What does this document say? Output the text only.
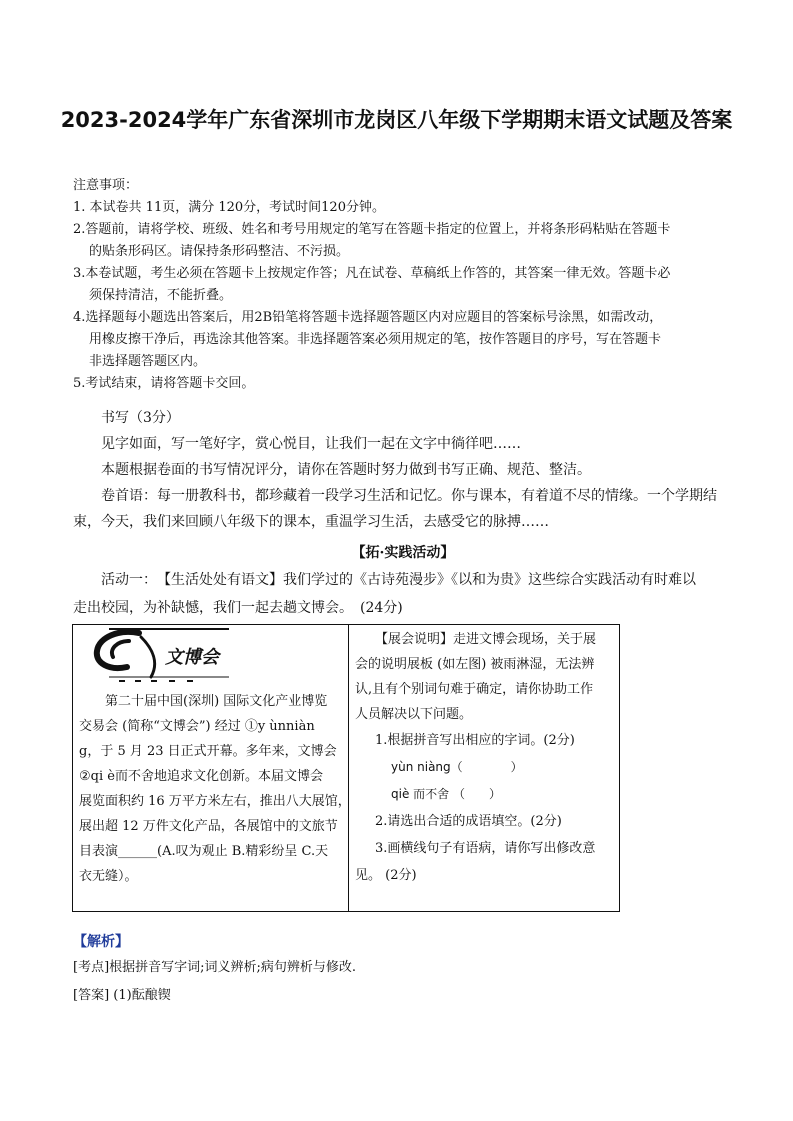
2023-2024学年广东省深圳市龙岗区八年级下学期期末语文试题及答案
注意事项：
1. 本试卷共 11页，满分 120分，考试时间120分钟。
2.答题前，请将学校、班级、姓名和考号用规定的笔写在答题卡指定的位置上，并将条形码粘贴在答题卡
的贴条形码区。请保持条形码整洁、不污损。
3.本卷试题，考生必须在答题卡上按规定作答；凡在试卷、草稿纸上作答的，其答案一律无效。答题卡必
须保持清洁，不能折叠。
4.选择题每小题选出答案后，用2B铅笔将答题卡选择题答题区内对应题目的答案标号涂黑，如需改动，
用橡皮擦干净后，再选涂其他答案。非选择题答案必须用规定的笔，按作答题目的序号，写在答题卡
非选择题答题区内。
5.考试结束，请将答题卡交回。
书写（3分）
见字如面，写一笔好字，赏心悦目，让我们一起在文字中徜徉吧……
本题根据卷面的书写情况评分，请你在答题时努力做到书写正确、规范、整洁。
卷首语：每一册教科书，都珍藏着一段学习生活和记忆。你与课本，有着道不尽的情缘。一个学期结
束，今天，我们来回顾八年级下的课本，重温学习生活，去感受它的脉搏……
【拓·实践活动】
活动一：　【生活处处有语文】我们学过的《古诗苑漫步》《以和为贵》这些综合实践活动有时难以
走出校园，为补缺憾，我们一起去趟文博会。　(24分)
文博会
第二十届中国(深圳) 国际文化产业博览
交易会 (简称“文博会”) 经过 ①y ùnniàn
g，于 5 月 23 日正式开幕。多年来，文博会
②qi è而不舍地追求文化创新。本届文博会
展览面积约 16 万平方米左右，推出八大展馆，
展出超 12 万件文化产品，各展馆中的文旅节
目表演______(A.叹为观止 B.精彩纷呈 C.天
衣无缝）。
【展会说明】走进文博会现场，关于展
会的说明展板 (如左图) 被雨淋湿，无法辨
认,且有个别词句难于确定，请你协助工作
人员解决以下问题。
1.根据拼音写出相应的字词。(2分)
yùn niàng（　　　　）
qiè 而不舍 （　　）
2.请选出合适的成语填空。(2分)
3.画横线句子有语病，请你写出修改意
见。 (2分)
【解析】
[考点]根据拼音写字词;词义辨析;病句辨析与修改.
[答案] (1)酝酿锲
